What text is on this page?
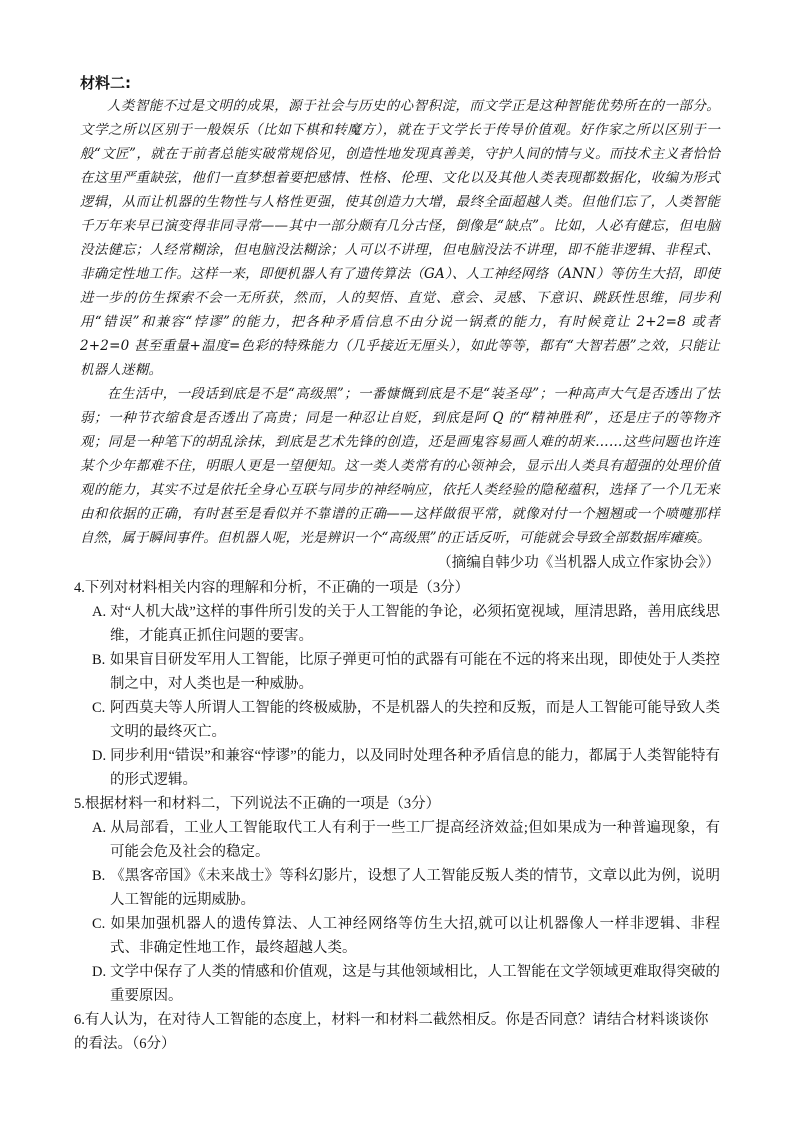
材料二:

人类智能不过是文明的成果，源于社会与历史的心智积淀，而文学正是这种智能优势所在的一部分。文学之所以区别于一般娱乐（比如下棋和转魔方），就在于文学长于传导价值观。好作家之所以区别于一般“文匠”，就在于前者总能实破常规俗见，创造性地发现真善美，守护人间的情与义。而技术主义者恰恰在这里严重缺弦，他们一直梦想着要把感情、性格、伦理、文化以及其他人类表现都数据化，收编为形式逻辑，从而让机器的生物性与人格性更强，使其创造力大增，最终全面超越人类。但他们忘了，人类智能千万年来早已演变得非同寻常——其中一部分颇有几分古怪，倒像是“缺点”。比如，人必有健忘，但电脑没法健忘；人经常糊涂，但电脑没法糊涂；人可以不讲理，但电脑没法不讲理，即不能非逻辑、非程式、非确定性地工作。这样一来，即便机器人有了遗传算法（GA）、人工神经网络（ANN）等仿生大招，即使进一步的仿生探索不会一无所获，然而，人的契悟、直觉、意会、灵感、下意识、跳跃性思维，同步利用“错误”和兼容“悖谬”的能力，把各种矛盾信息不由分说一锅煮的能力，有时候竟让 2+2=8 或者 2+2=0 甚至重量+温度=色彩的特殊能力（几乎接近无厘头），如此等等，都有“大智若愚”之效，只能让机器人迷糊。

在生活中，一段话到底是不是“高级黑”；一番慷慨到底是不是“装圣母”；一种高声大气是否透出了怯弱；一种节衣缩食是否透出了高贵；同是一种忍让自贬，到底是阿 Q 的“精神胜利”，还是庄子的等物齐观；同是一种笔下的胡乱涂抹，到底是艺术先锋的创造，还是画鬼容易画人难的胡来……这些问题也许连某个少年都难不住，明眼人更是一望便知。这一类人类常有的心领神会，显示出人类具有超强的处理价值观的能力，其实不过是依托全身心互联与同步的神经响应，依托人类经验的隐秘蕴积，选择了一个几无来由和依据的正确，有时甚至是看似并不靠谱的正确——这样做很平常，就像对付一个翘翘或一个喷嚏那样自然，属于瞬间事件。但机器人呢，光是辨识一个“高级黑”的正话反听，可能就会导致全部数据库瘫痪。

（摘编自韩少功《当机器人成立作家协会》）

4.下列对材料相关内容的理解和分析，不正确的一项是（3分）

A. 对“人机大战”这样的事件所引发的关于人工智能的争论，必须拓宽视域，厘清思路，善用底线思维，才能真正抓住问题的要害。

B. 如果盲目研发军用人工智能，比原子弹更可怕的武器有可能在不远的将来出现，即使处于人类控制之中，对人类也是一种威胁。

C. 阿西莫夫等人所谓人工智能的终极威胁，不是机器人的失控和反叛，而是人工智能可能导致人类文明的最终灭亡。

D. 同步利用“错误”和兼容“悖谬”的能力，以及同时处理各种矛盾信息的能力，都属于人类智能特有的形式逻辑。

5.根据材料一和材料二，下列说法不正确的一项是（3分）

A. 从局部看，工业人工智能取代工人有利于一些工厂提高经济效益;但如果成为一种普遍现象，有可能会危及社会的稳定。

B. 《黑客帝国》《未来战士》等科幻影片，设想了人工智能反叛人类的情节，文章以此为例，说明人工智能的远期威胁。

C. 如果加强机器人的遗传算法、人工神经网络等仿生大招,就可以让机器像人一样非逻辑、非程式、非确定性地工作，最终超越人类。

D. 文学中保存了人类的情感和价值观，这是与其他领域相比，人工智能在文学领域更难取得突破的重要原因。

6.有人认为，在对待人工智能的态度上，材料一和材料二截然相反。你是否同意？请结合材料谈谈你的看法。（6分）
